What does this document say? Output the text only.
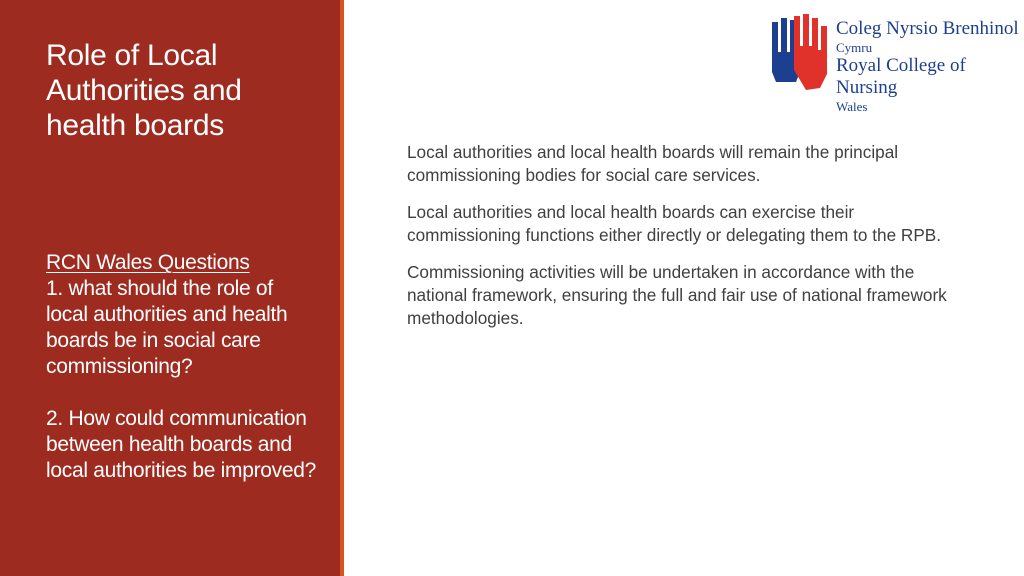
Role of Local Authorities and health boards
RCN Wales Questions
1. what should the role of local authorities and health boards be in social care commissioning?
2. How could communication between health boards and local authorities be improved?
Coleg Nyrsio Brenhinol
Cymru
Royal College of Nursing
Wales

Local authorities and local health boards will remain the principal commissioning bodies for social care services.

Local authorities and local health boards can exercise their commissioning functions either directly or delegating them to the RPB.

Commissioning activities will be undertaken in accordance with the national framework, ensuring the full and fair use of national framework methodologies.
